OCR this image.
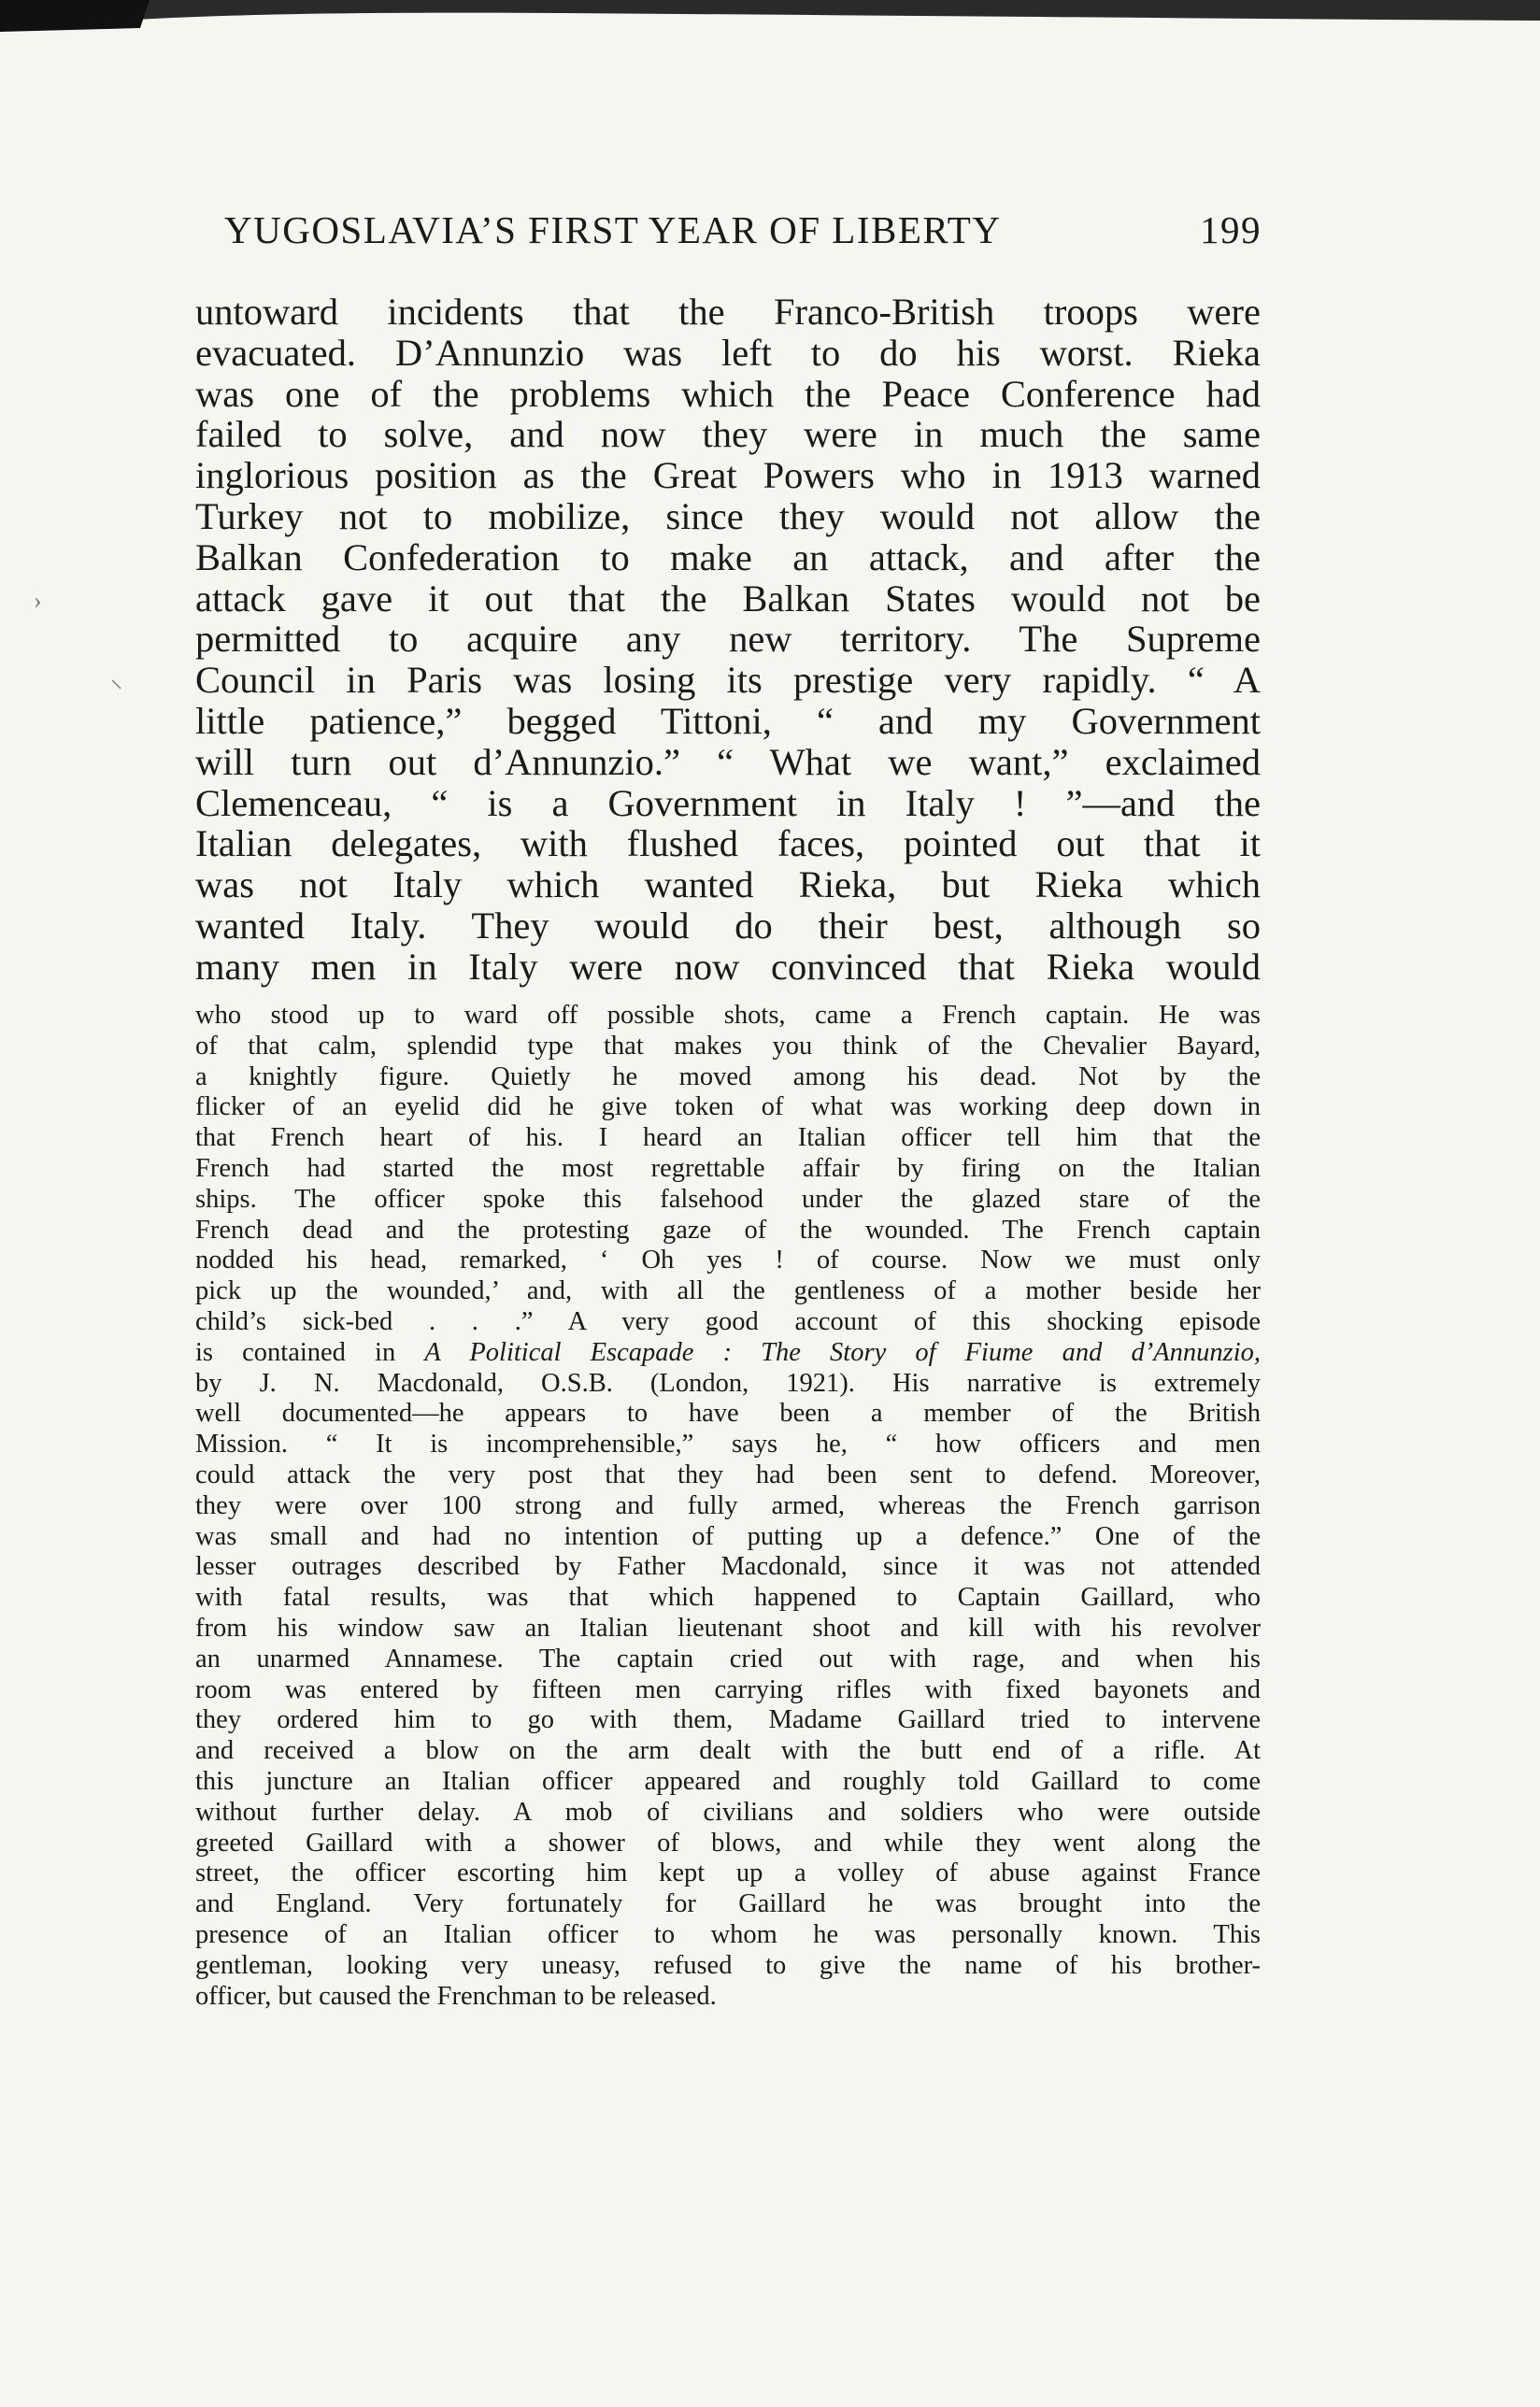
YUGOSLAVIA’S FIRST YEAR OF LIBERTY	199
untoward incidents that the Franco-British troops were
evacuated. D’Annunzio was left to do his worst. Rieka
was one of the problems which the Peace Conference had
failed to solve, and now they were in much the same
inglorious position as the Great Powers who in 1913 warned
Turkey not to mobilize, since they would not allow the
Balkan Confederation to make an attack, and after the
attack gave it out that the Balkan States would not be
permitted to acquire any new territory. The Supreme
Council in Paris was losing its prestige very rapidly. “ A
little patience,” begged Tittoni, “ and my Government
will turn out d’Annunzio.” “ What we want,” exclaimed
Clemenceau, “ is a Government in Italy ! ”—and the
Italian delegates, with flushed faces, pointed out that it
was not Italy which wanted Rieka, but Rieka which
wanted Italy. They would do their best, although so
many men in Italy were now convinced that Rieka would
who stood up to ward off possible shots, came a French captain. He was
of that calm, splendid type that makes you think of the Chevalier Bayard,
a knightly figure. Quietly he moved among his dead. Not by the
flicker of an eyelid did he give token of what was working deep down in
that French heart of his. I heard an Italian officer tell him that the
French had started the most regrettable affair by firing on the Italian
ships. The officer spoke this falsehood under the glazed stare of the
French dead and the protesting gaze of the wounded. The French captain
nodded his head, remarked, ‘ Oh yes ! of course. Now we must only
pick up the wounded,’ and, with all the gentleness of a mother beside her
child’s sick-bed . . .” A very good account of this shocking episode
is contained in A Political Escapade : The Story of Fiume and d’Annunzio,
by J. N. Macdonald, O.S.B. (London, 1921). His narrative is extremely
well documented—he appears to have been a member of the British
Mission. “ It is incomprehensible,” says he, “ how officers and men
could attack the very post that they had been sent to defend. Moreover,
they were over 100 strong and fully armed, whereas the French garrison
was small and had no intention of putting up a defence.” One of the
lesser outrages described by Father Macdonald, since it was not attended
with fatal results, was that which happened to Captain Gaillard, who
from his window saw an Italian lieutenant shoot and kill with his revolver
an unarmed Annamese. The captain cried out with rage, and when his
room was entered by fifteen men carrying rifles with fixed bayonets and
they ordered him to go with them, Madame Gaillard tried to intervene
and received a blow on the arm dealt with the butt end of a rifle. At
this juncture an Italian officer appeared and roughly told Gaillard to come
without further delay. A mob of civilians and soldiers who were outside
greeted Gaillard with a shower of blows, and while they went along the
street, the officer escorting him kept up a volley of abuse against France
and England. Very fortunately for Gaillard he was brought into the
presence of an Italian officer to whom he was personally known. This
gentleman, looking very uneasy, refused to give the name of his brother-
officer, but caused the Frenchman to be released.
›
⸌
